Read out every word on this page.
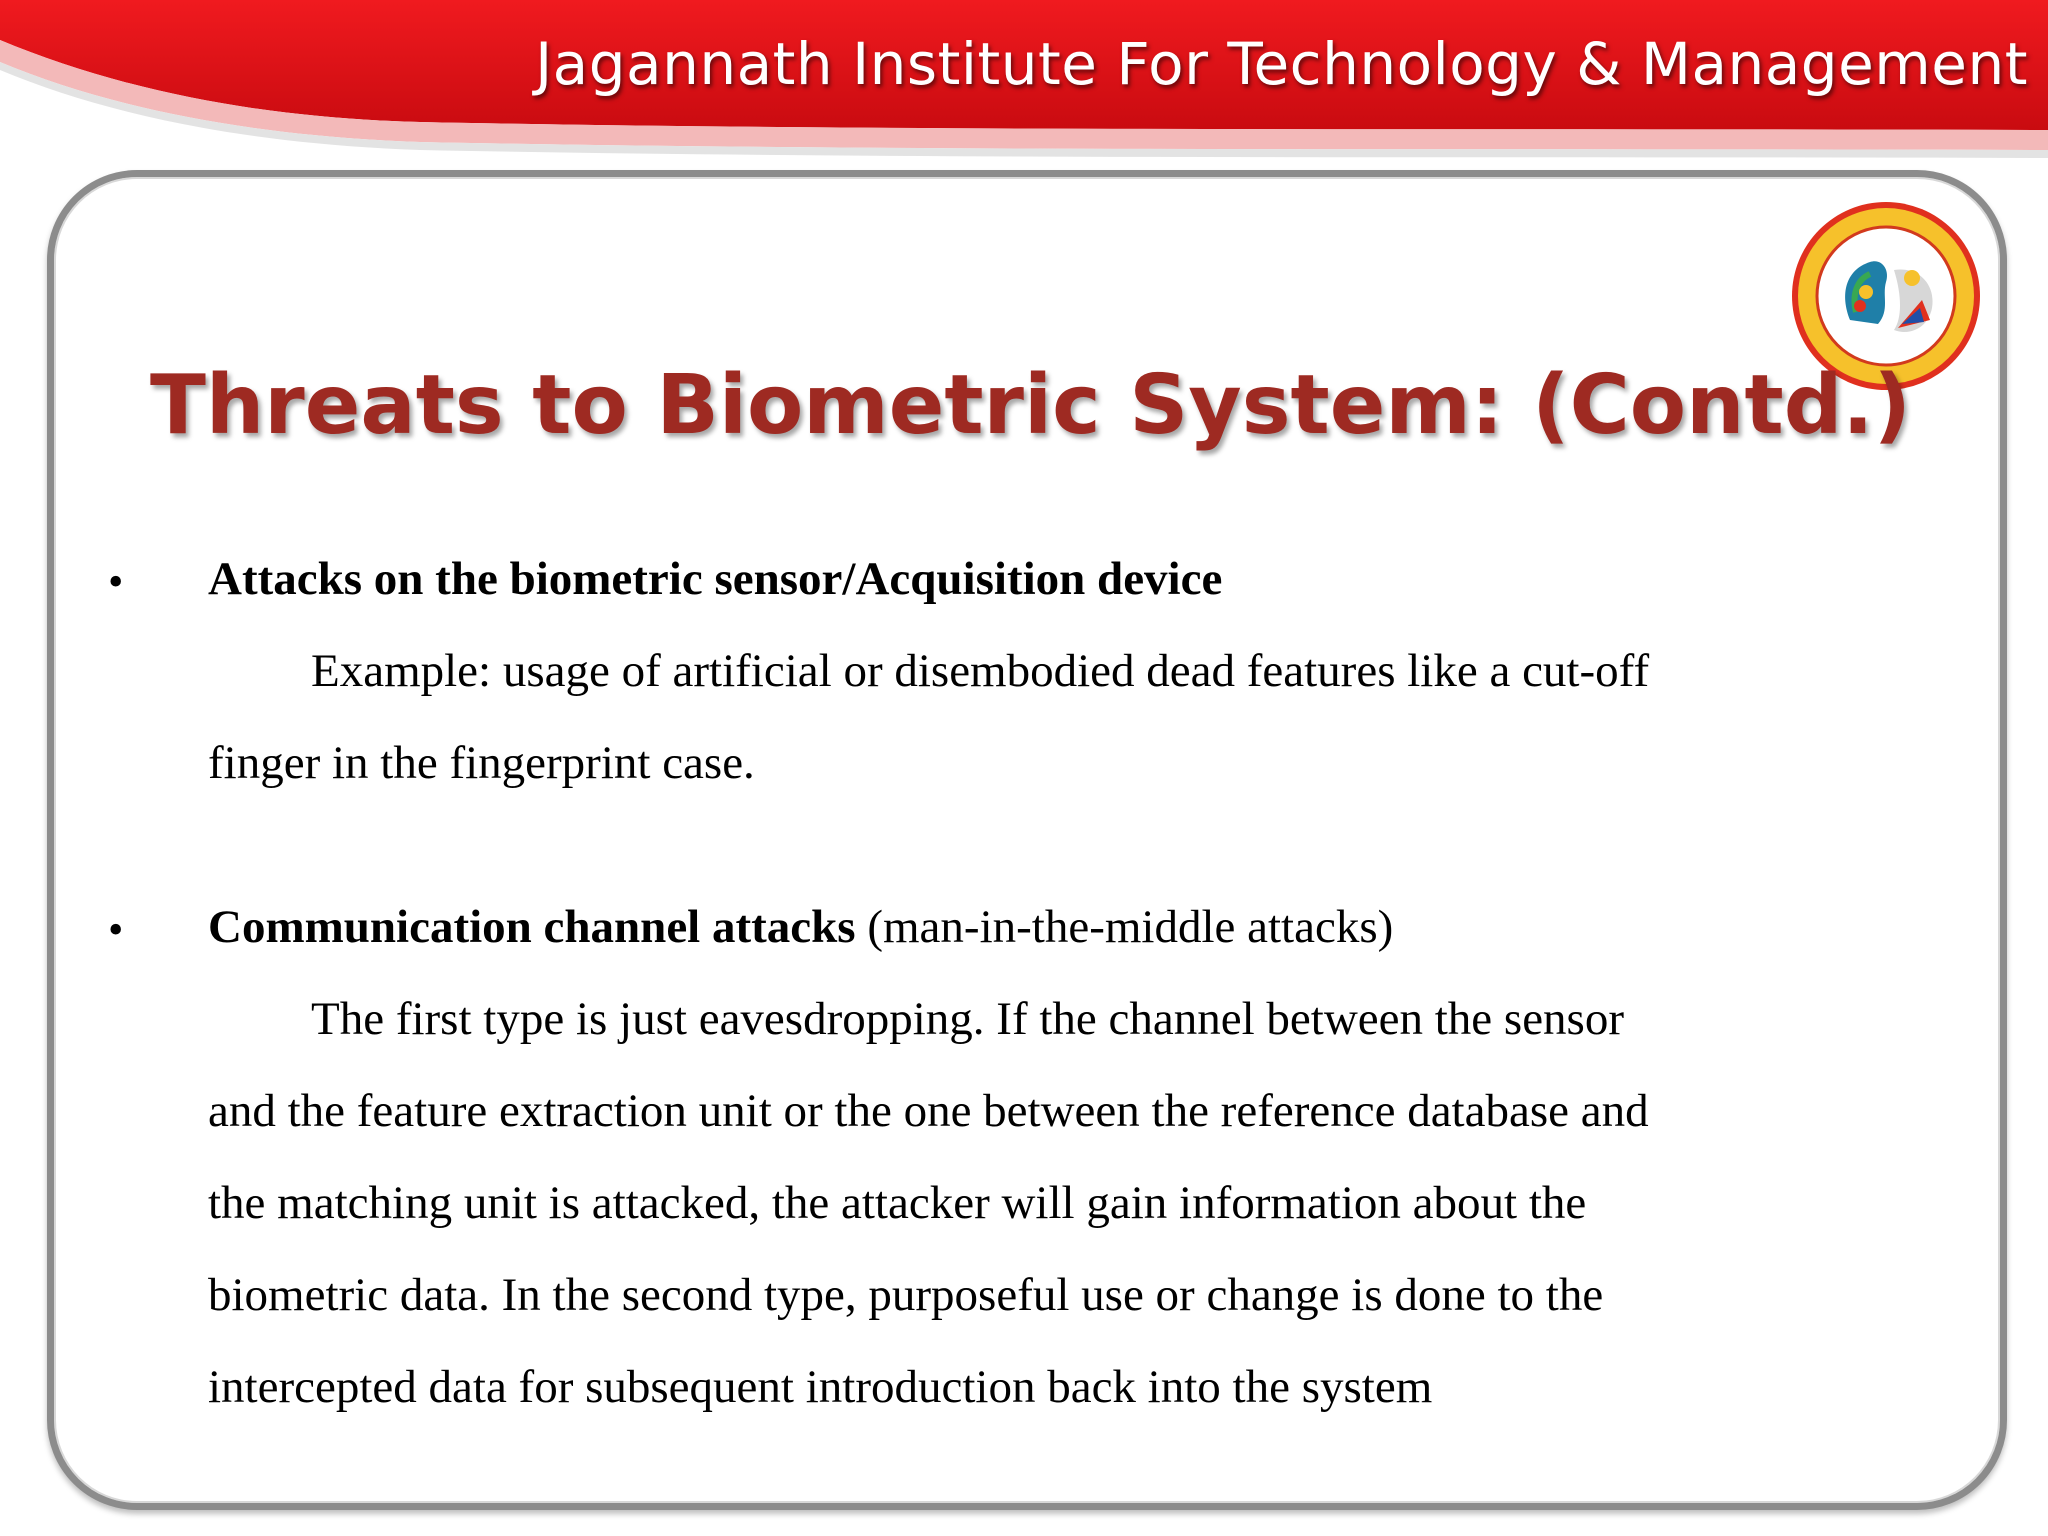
Jagannath Institute For Technology & Management
Threats to Biometric System: (Contd.)
• Attacks on the biometric sensor/Acquisition device
Example: usage of artificial or disembodied dead features like a cut-off
finger in the fingerprint case.
• Communication channel attacks (man-in-the-middle attacks)
The first type is just eavesdropping. If the channel between the sensor
and the feature extraction unit or the one between the reference database and
the matching unit is attacked, the attacker will gain information about the
biometric data. In the second type, purposeful use or change is done to the
intercepted data for subsequent introduction back into the system
